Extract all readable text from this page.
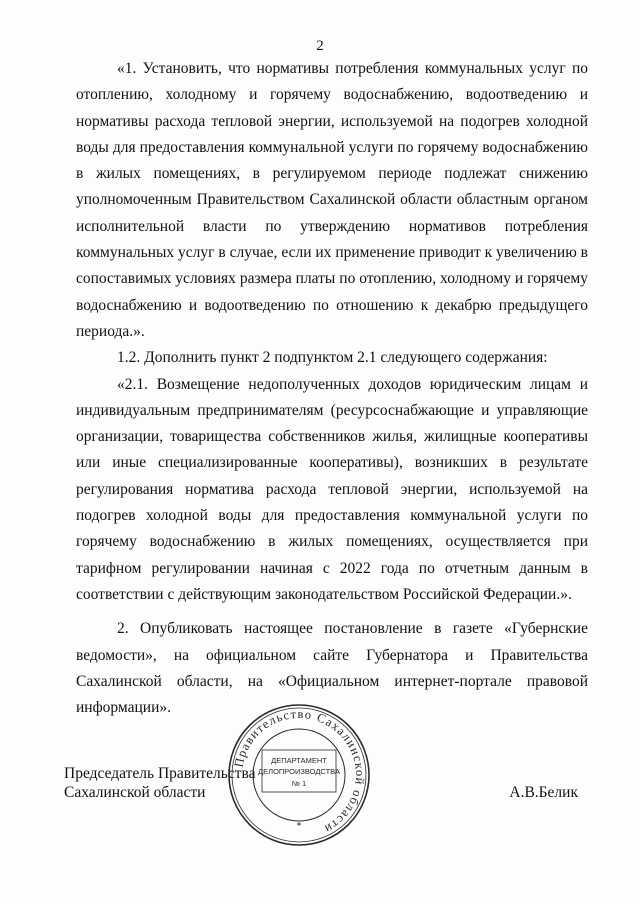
2

«1. Установить, что нормативы потребления коммунальных услуг по отоплению, холодному и горячему водоснабжению, водоотведению и нормативы расхода тепловой энергии, используемой на подогрев холодной воды для предоставления коммунальной услуги по горячему водоснабжению в жилых помещениях, в регулируемом периоде подлежат снижению уполномоченным Правительством Сахалинской области областным органом исполнительной власти по утверждению нормативов потребления коммунальных услуг в случае, если их применение приводит к увеличению в сопоставимых условиях размера платы по отоплению, холодному и горячему водоснабжению и водоотведению по отношению к декабрю предыдущего периода.».

1.2. Дополнить пункт 2 подпунктом 2.1 следующего содержания:

«2.1. Возмещение недополученных доходов юридическим лицам и индивидуальным предпринимателям (ресурсоснабжающие и управляющие организации, товарищества собственников жилья, жилищные кооперативы или иные специализированные кооперативы), возникших в результате регулирования норматива расхода тепловой энергии, используемой на подогрев холодной воды для предоставления коммунальной услуги по горячему водоснабжению в жилых помещениях, осуществляется при тарифном регулировании начиная с 2022 года по отчетным данным в соответствии с действующим законодательством Российской Федерации.».

2. Опубликовать настоящее постановление в газете «Губернские ведомости», на официальном сайте Губернатора и Правительства Сахалинской области, на «Официальном интернет-портале правовой информации».

Председатель Правительства
Сахалинской области	А.В.Белик
Правительство Сахалинской области
ДЕПАРТАМЕНТ
ДЕЛОПРОИЗВОДСТВА
№ 1
*
